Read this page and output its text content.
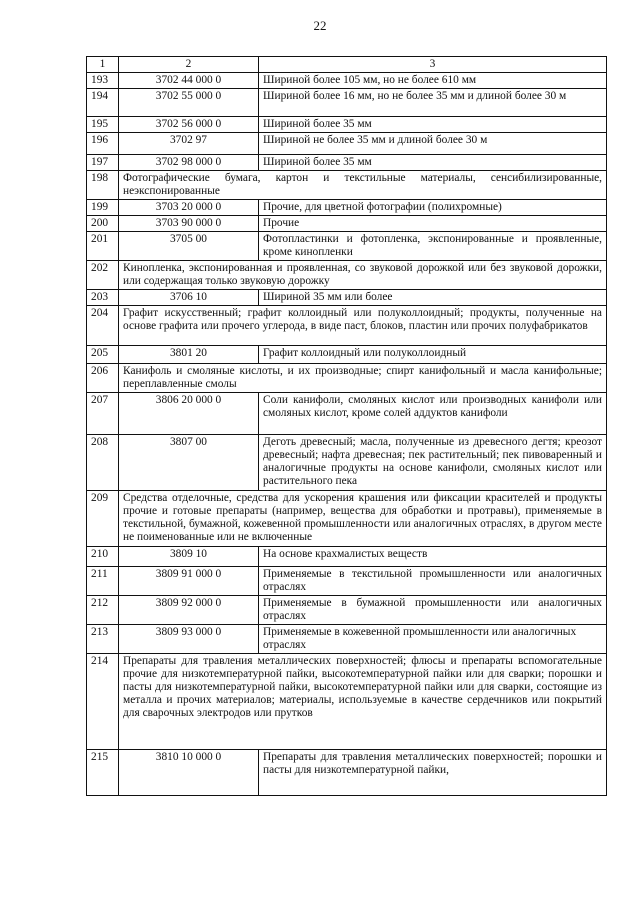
22
1	2	3
193	3702 44 000 0	Шириной более 105 мм, но не более 610 мм
194	3702 55 000 0	Шириной более 16 мм, но не более 35 мм и длиной более 30 м
195	3702 56 000 0	Шириной более 35 мм
196	3702 97	Шириной не более 35 мм и длиной более 30 м
197	3702 98 000 0	Шириной более 35 мм
198	Фотографические бумага, картон и текстильные материалы, сенсибилизированные, неэкспонированные	
199	3703 20 000 0	Прочие, для цветной фотографии (полихромные)
200	3703 90 000 0	Прочие
201	3705 00	Фотопластинки и фотопленка, экспонированные и проявленные, кроме кинопленки
202	Кинопленка, экспонированная и проявленная, со звуковой дорожкой или без звуковой дорожки, или содержащая только звуковую дорожку	
203	3706 10	Шириной 35 мм или более
204	Графит искусственный; графит коллоидный или полуколлоидный; продукты, полученные на основе графита или прочего углерода, в виде паст, блоков, пластин или прочих полуфабрикатов	
205	3801 20	Графит коллоидный или полуколлоидный
206	Канифоль и смоляные кислоты, и их производные; спирт канифольный и масла канифольные; переплавленные смолы	
207	3806 20 000 0	Соли канифоли, смоляных кислот или производных канифоли или смоляных кислот, кроме солей аддуктов канифоли
208	3807 00	Деготь древесный; масла, полученные из древесного дегтя; креозот древесный; нафта древесная; пек растительный; пек пивоваренный и аналогичные продукты на основе канифоли, смоляных кислот или растительного пека
209	Средства отделочные, средства для ускорения крашения или фиксации красителей и продукты прочие и готовые препараты (например, вещества для обработки и протравы), применяемые в текстильной, бумажной, кожевенной промышленности или аналогичных отраслях, в другом месте не поименованные или не включенные	
210	3809 10	На основе крахмалистых веществ
211	3809 91 000 0	Применяемые в текстильной промышленности или аналогичных отраслях
212	3809 92 000 0	Применяемые в бумажной промышленности или аналогичных отраслях
213	3809 93 000 0	Применяемые в кожевенной промышленности или аналогичных отраслях
214	Препараты для травления металлических поверхностей; флюсы и препараты вспомогательные прочие для низкотемпературной пайки, высокотемпературной пайки или для сварки; порошки и пасты для низкотемпературной пайки, высокотемпературной пайки или для сварки, состоящие из металла и прочих материалов; материалы, используемые в качестве сердечников или покрытий для сварочных электродов или прутков	
215	3810 10 000 0	Препараты для травления металлических поверхностей; порошки и пасты для низкотемпературной пайки,
